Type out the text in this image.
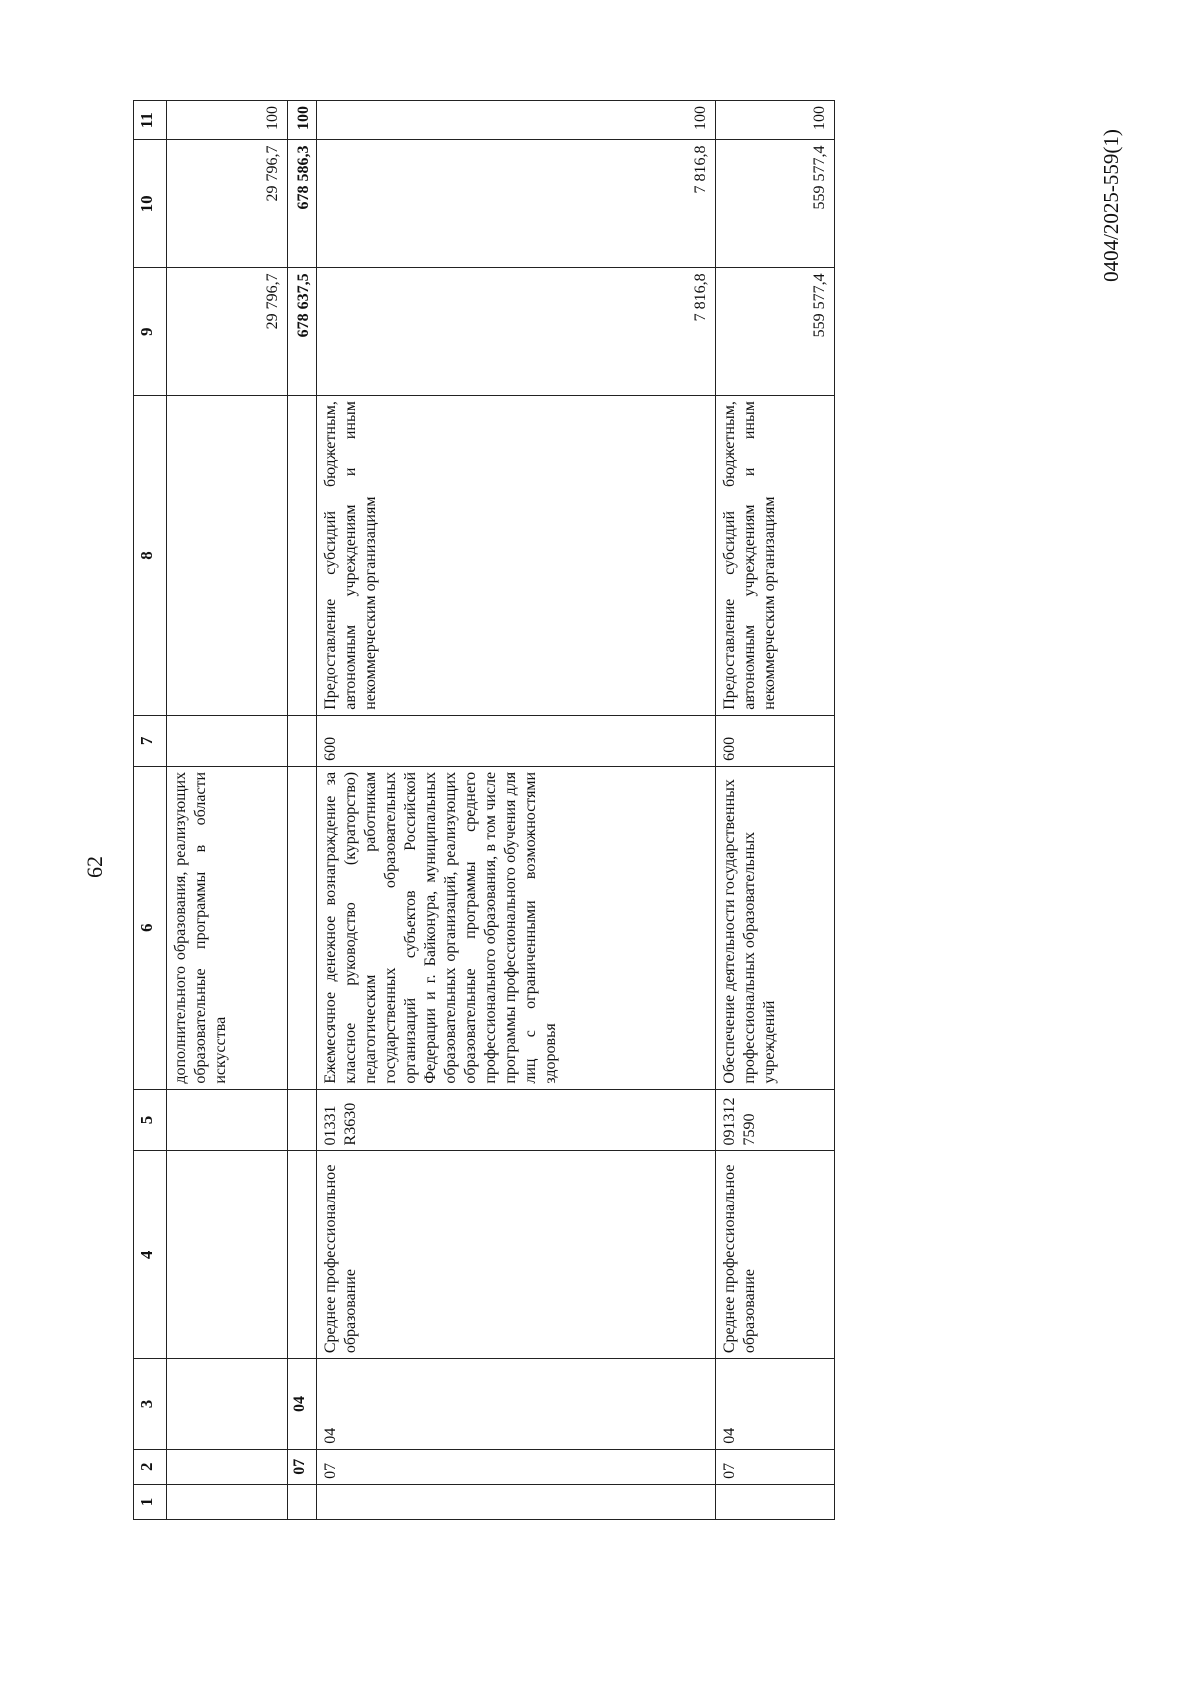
62
0404/2025-559(1)
1	2	3	4	5	6	7	8	9	10	11
					дополнительного образования, реализующих образовательные программы в области искусства			29 796,7	29 796,7	100
	07	04						678 637,5	678 586,3	100
	07	04	Среднее профессиональное образование	01331 R3630	Ежемесячное денежное вознаграждение за классное руководство (кураторство) педагогическим работникам государственных образовательных организаций субъектов Российской Федерации и г. Байконура, муниципальных образовательных организаций, реализующих образовательные программы среднего профессионального образования, в том числе программы профессионального обучения для лиц с ограниченными возможностями здоровья	600	Предоставление субсидий бюджетным, автономным учреждениям и иным некоммерческим организациям	7 816,8	7 816,8	100
	07	04	Среднее профессиональное образование	091312 7590	Обеспечение деятельности государственных профессиональных образовательных учреждений	600	Предоставление субсидий бюджетным, автономным учреждениям и иным некоммерческим организациям	559 577,4	559 577,4	100
